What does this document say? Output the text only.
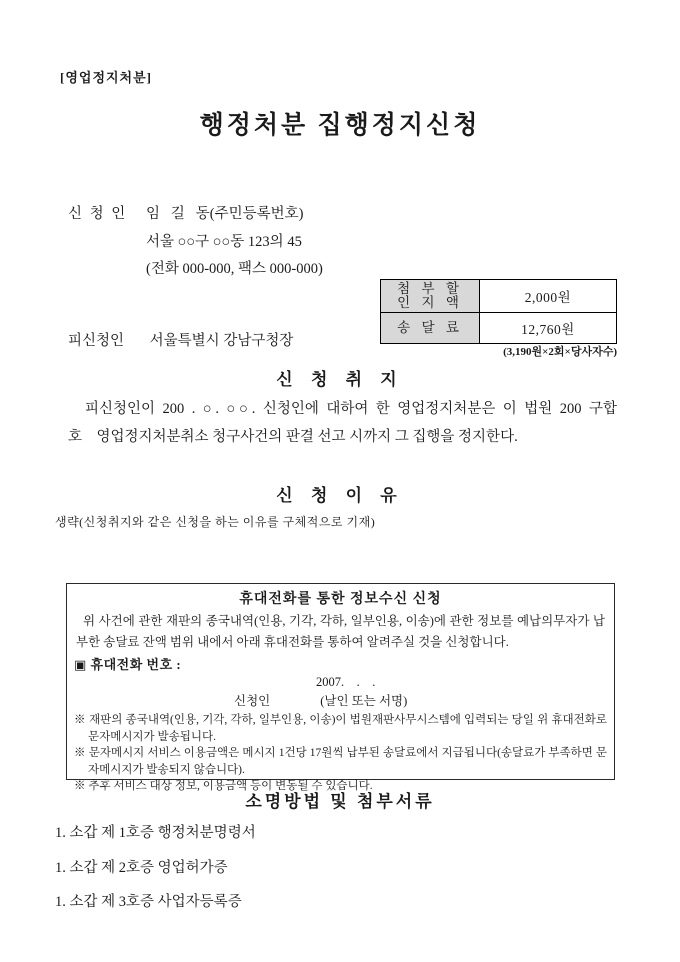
[영업정지처분]
행정처분 집행정지신청
신 청 인	임   길   동(주민등록번호)
서울 ○○구 ○○동 123의 45
(전화 000-000, 팩스 000-000)
첨 부 할
인 지 액	2,000원
송 달 료	12,760원
(3,190원×2회×당사자수)
피신청인 서울특별시 강남구청장
신 청 취 지
피신청인이 200 . ○. ○○. 신청인에 대하여 한 영업정지처분은 이 법원 200 구합
호    영업정지처분취소 청구사건의 판결 선고 시까지 그 집행을 정지한다.
신 청 이 유
생략(신청취지와 같은 신청을 하는 이유를 구체적으로 기재)
휴대전화를 통한 정보수신 신청
위 사건에 관한 재판의 종국내역(인용, 기각, 각하, 일부인용, 이송)에 관한 정보를 예납의무자가 납부한 송달료 잔액 범위 내에서 아래 휴대전화를 통하여 알려주실 것을 신청합니다.
▣ 휴대전화 번호 :
2007.    .    .
신청인                (날인 또는 서명)
※ 재판의 종국내역(인용, 기각, 각하, 일부인용, 이송)이 법원재판사무시스템에 입력되는 당일 위 휴대전화로 문자메시지가 발송됩니다.
※ 문자메시지 서비스 이용금액은 메시지 1건당 17원씩 납부된 송달료에서 지급됩니다(송달료가 부족하면 문자메시지가 발송되지 않습니다).
※ 추후 서비스 대상 정보, 이용금액 등이 변동될 수 있습니다.
소명방법 및 첨부서류
1. 소갑 제 1호증 행정처분명령서
1. 소갑 제 2호증 영업허가증
1. 소갑 제 3호증 사업자등록증
